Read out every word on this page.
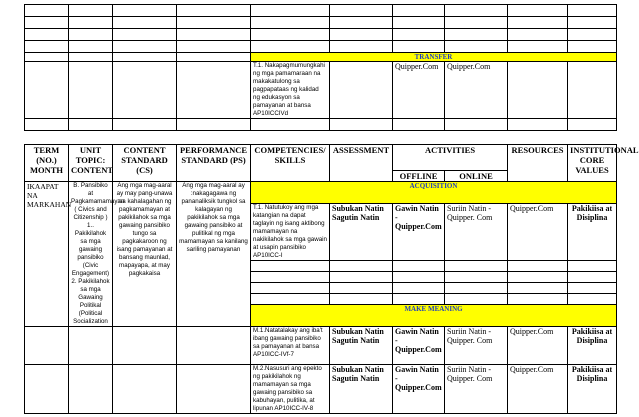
				TRANSFER					
				T.1. Nakapagmumungkahi ng mga pamamaraan na makakatulong sa pagpapataas ng kalidad ng edukasyon sa pamayanan at bansa AP10ICCIVd		Quipper.Com	Quipper.Com		

TERM (NO.) MONTH	UNIT TOPIC: CONTENT	CONTENT STANDARD (CS)	PERFORMANCE STANDARD (PS)	COMPETENCIES/ SKILLS	ASSESSMENT	ACTIVITIES		RESOURCES	INSTITUTIONAL CORE VALUES
						OFFLINE	ONLINE		
IKAAPAT NA MARKAHAN	B. Pansibiko at Pagkamamamayan ( Civics and Citizenship ) 1.. Pakikilahok sa mga gawaing pansibiko (Civic Engagement) 2. Pakikilahok sa mga Gawaing Politikal (Political Socialization	Ang mga mag-aaral ay may pang-unawa :sa kahalagahan ng pagkamamayan at pakikilahok sa mga gawaing pansibiko tungo sa pagkakaroon ng isang pamayanan at bansang maunlad, mapayapa, at may pagkakaisa	Ang mga mag-aaral ay :nakagagawa ng pananaliksik tungkol sa kalagayan ng pakikilahok sa mga gawaing pansibiko at pulitikal ng mga mamamayan sa kanilang sariling pamayanan	ACQUISITION					
				T.1. Natutukoy ang mga katangian na dapat taglayin ng isang aktibong mamamayan na nakikilahok sa mga gawain at usapin pansibiko AP10ICC-I	Subukan Natin Sagutin Natin	Gawin Natin - Quipper.Com	Suriin Natin - Quipper. Com	Quipper.Com	Pakikiisa at Disiplina

				MAKE MEANING					
				M.1.Natatalakay ang iba't ibang gawaing pansibiko sa pamayanan at bansa AP10ICC-IVf-7	Subukan Natin Sagutin Natin	Gawin Natin - Quipper.Com	Suriin Natin - Quipper. Com	Quipper.Com	Pakikiisa at Disiplina
				M.2.Nasusuri ang epekto ng pakikilahok ng mamamayan sa mga gawaing pansibiko sa kabuhayan, pulitika, at lipunan AP10ICC-IV-8	Subukan Natin Sagutin Natin	Gawin Natin - Quipper.Com	Suriin Natin - Quipper. Com	Quipper.Com	Pakikiisa at Disiplina
